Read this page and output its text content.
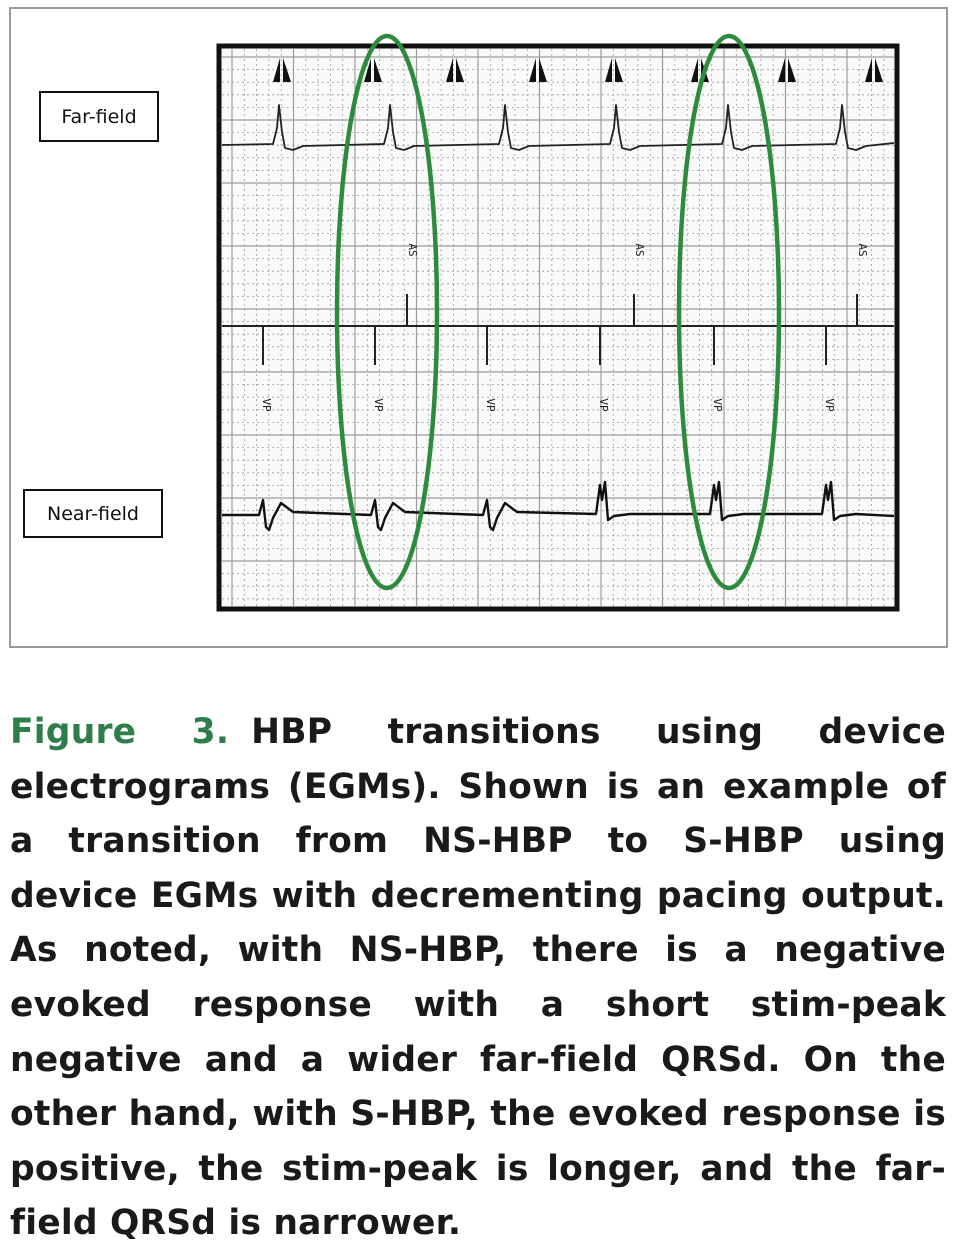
AS	AS	AS
VP	VP	VP	VP	VP	VP
Far-field
Near-field

Figure 3. HBP transitions using device electrograms (EGMs). Shown is an example of a transition from NS-HBP to S-HBP using device EGMs with decrementing pacing output. As noted, with NS-HBP, there is a negative evoked response with a short stim-peak negative and a wider far-field QRSd. On the other hand, with S-HBP, the evoked response is positive, the stim-peak is longer, and the far-field QRSd is narrower.
